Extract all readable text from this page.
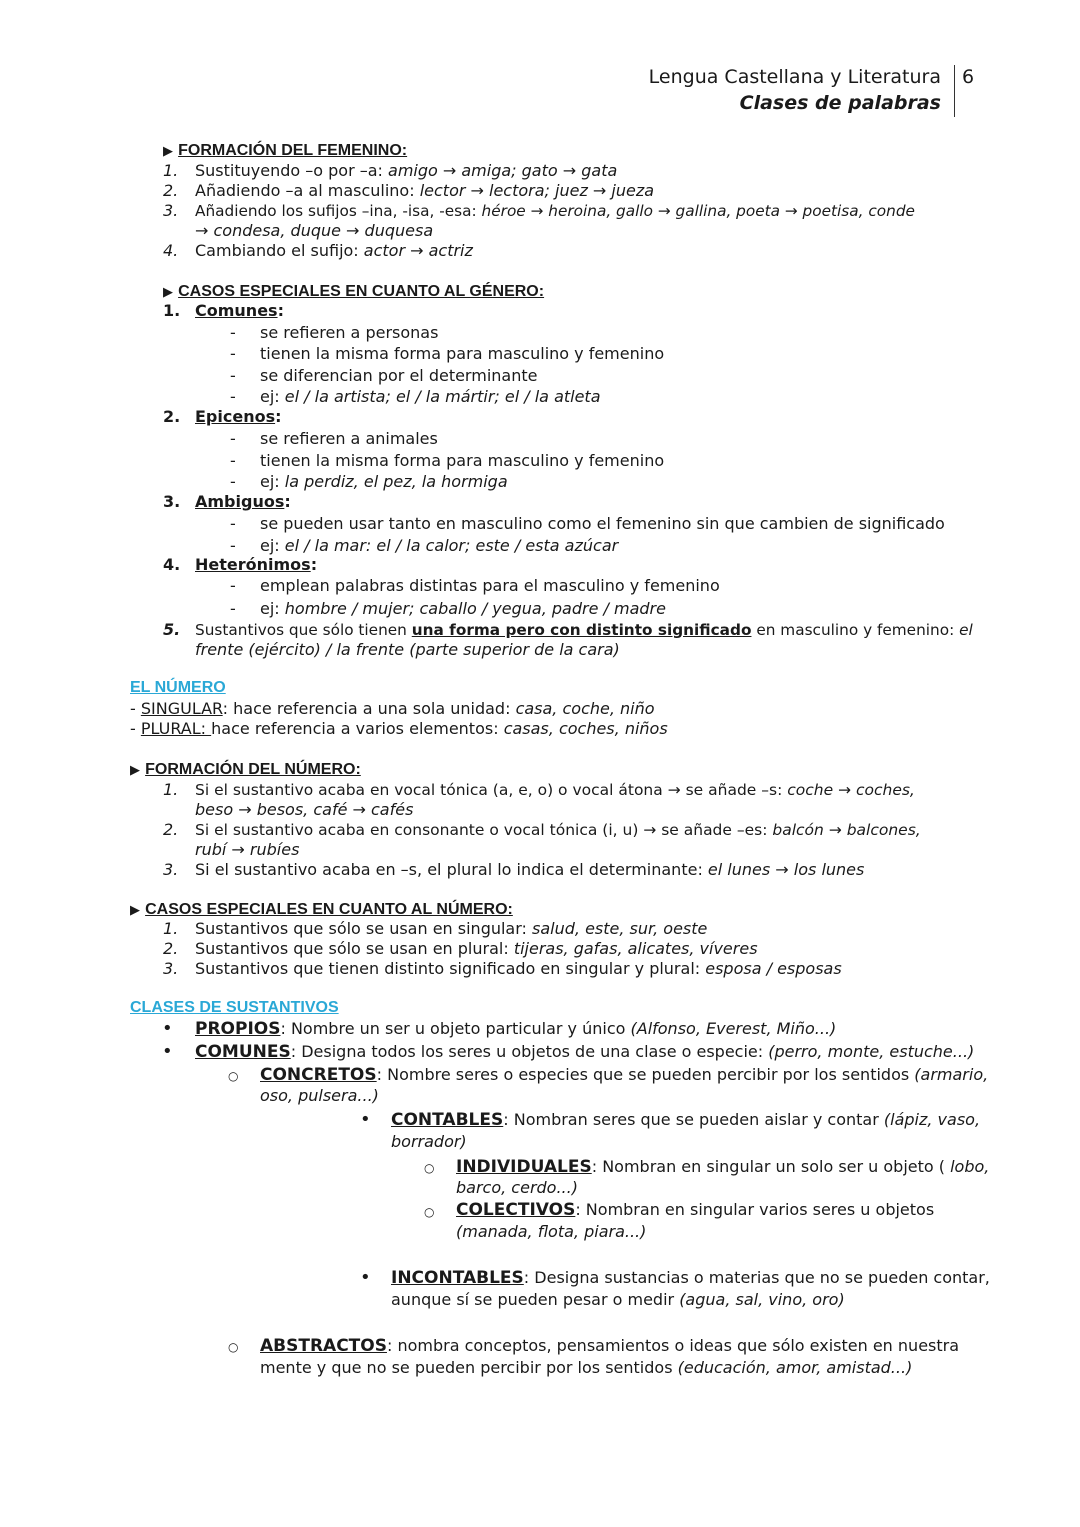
Lengua Castellana y Literatura
Clases de palabras
6
▶ FORMACIÓN DEL FEMENINO:
1. Sustituyendo –o por –a: amigo → amiga; gato → gata
2. Añadiendo –a al masculino: lector → lectora; juez → jueza
3. Añadiendo los sufijos –ina, -isa, -esa: héroe → heroina, gallo → gallina, poeta → poetisa, conde
→ condesa, duque → duquesa
4. Cambiando el sufijo: actor → actriz
▶ CASOS ESPECIALES EN CUANTO AL GÉNERO:
1. Comunes:
- se refieren a personas
- tienen la misma forma para masculino y femenino
- se diferencian por el determinante
- ej: el / la artista; el / la mártir; el / la atleta
2. Epicenos:
- se refieren a animales
- tienen la misma forma para masculino y femenino
- ej: la perdiz, el pez, la hormiga
3. Ambiguos:
- se pueden usar tanto en masculino como el femenino sin que cambien de significado
- ej: el / la mar: el / la calor; este / esta azúcar
4. Heterónimos:
- emplean palabras distintas para el masculino y femenino
- ej: hombre / mujer; caballo / yegua, padre / madre
5. Sustantivos que sólo tienen una forma pero con distinto significado en masculino y femenino: el
frente (ejército) / la frente (parte superior de la cara)
EL NÚMERO
- SINGULAR: hace referencia a una sola unidad: casa, coche, niño
- PLURAL: hace referencia a varios elementos: casas, coches, niños
▶ FORMACIÓN DEL NÚMERO:
1. Si el sustantivo acaba en vocal tónica (a, e, o) o vocal átona → se añade –s: coche → coches,
beso → besos, café → cafés
2. Si el sustantivo acaba en consonante o vocal tónica (i, u) → se añade –es: balcón → balcones,
rubí → rubíes
3. Si el sustantivo acaba en –s, el plural lo indica el determinante: el lunes → los lunes
▶ CASOS ESPECIALES EN CUANTO AL NÚMERO:
1. Sustantivos que sólo se usan en singular: salud, este, sur, oeste
2. Sustantivos que sólo se usan en plural: tijeras, gafas, alicates, víveres
3. Sustantivos que tienen distinto significado en singular y plural: esposa / esposas
CLASES DE SUSTANTIVOS
• PROPIOS: Nombre un ser u objeto particular y único (Alfonso, Everest, Miño...)
• COMUNES: Designa todos los seres u objetos de una clase o especie: (perro, monte, estuche...)
○ CONCRETOS: Nombre seres o especies que se pueden percibir por los sentidos (armario,
oso, pulsera...)
• CONTABLES: Nombran seres que se pueden aislar y contar (lápiz, vaso,
borrador)
○ INDIVIDUALES: Nombran en singular un solo ser u objeto ( lobo,
barco, cerdo...)
○ COLECTIVOS: Nombran en singular varios seres u objetos
(manada, flota, piara...)
• INCONTABLES: Designa sustancias o materias que no se pueden contar,
aunque sí se pueden pesar o medir (agua, sal, vino, oro)
○ ABSTRACTOS: nombra conceptos, pensamientos o ideas que sólo existen en nuestra
mente y que no se pueden percibir por los sentidos (educación, amor, amistad...)
